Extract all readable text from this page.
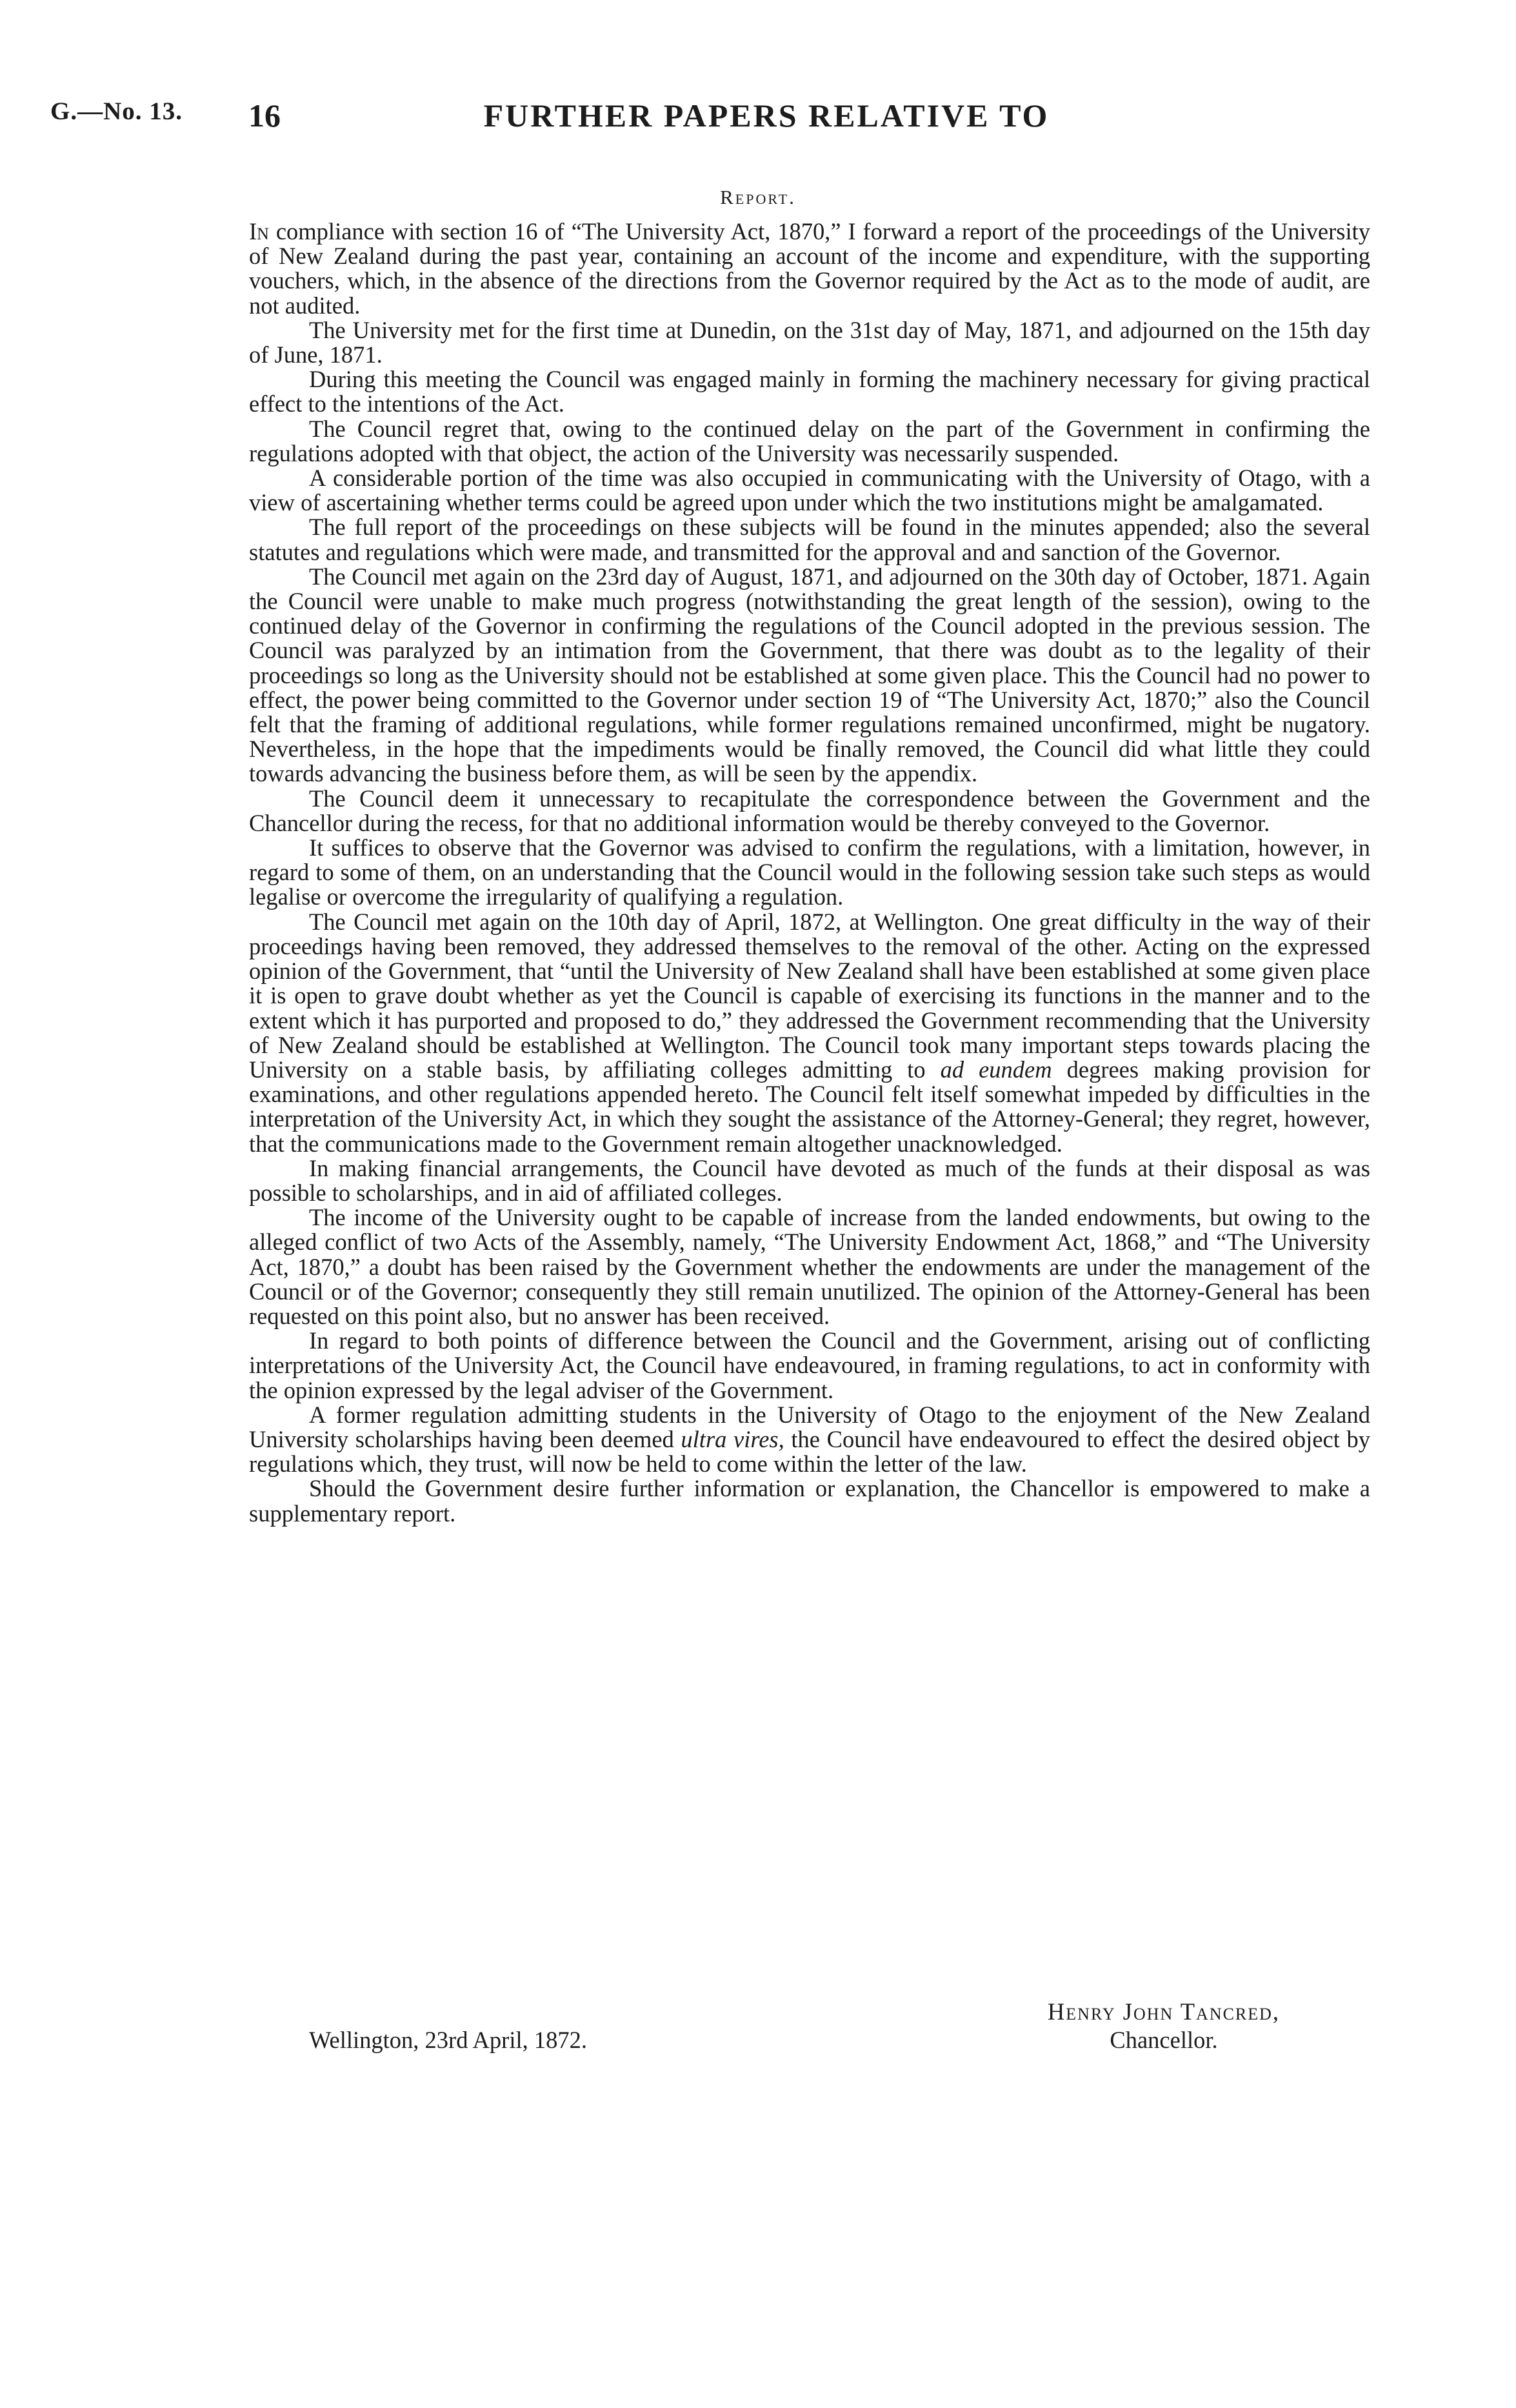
G.—No. 13. 16	FURTHER PAPERS RELATIVE TO
Report.

In compliance with section 16 of “The University Act, 1870,” I forward a report of the proceedings of the University of New Zealand during the past year, containing an account of the income and expenditure, with the supporting vouchers, which, in the absence of the directions from the Governor required by the Act as to the mode of audit, are not audited.

The University met for the first time at Dunedin, on the 31st day of May, 1871, and adjourned on the 15th day of June, 1871.

During this meeting the Council was engaged mainly in forming the machinery necessary for giving practical effect to the intentions of the Act.

The Council regret that, owing to the continued delay on the part of the Government in confirming the regulations adopted with that object, the action of the University was necessarily suspended.

A considerable portion of the time was also occupied in communicating with the University of Otago, with a view of ascertaining whether terms could be agreed upon under which the two institutions might be amalgamated.

The full report of the proceedings on these subjects will be found in the minutes appended; also the several statutes and regulations which were made, and transmitted for the approval and and sanction of the Governor.

The Council met again on the 23rd day of August, 1871, and adjourned on the 30th day of October, 1871. Again the Council were unable to make much progress (notwithstanding the great length of the session), owing to the continued delay of the Governor in confirming the regulations of the Council adopted in the previous session. The Council was paralyzed by an intimation from the Government, that there was doubt as to the legality of their proceedings so long as the University should not be established at some given place. This the Council had no power to effect, the power being committed to the Governor under section 19 of “The University Act, 1870;” also the Council felt that the framing of additional regulations, while former regulations remained unconfirmed, might be nugatory. Nevertheless, in the hope that the impediments would be finally removed, the Council did what little they could towards advancing the business before them, as will be seen by the appendix.

The Council deem it unnecessary to recapitulate the correspondence between the Government and the Chancellor during the recess, for that no additional information would be thereby conveyed to the Governor.

It suffices to observe that the Governor was advised to confirm the regulations, with a limitation, however, in regard to some of them, on an understanding that the Council would in the following session take such steps as would legalise or overcome the irregularity of qualifying a regulation.

The Council met again on the 10th day of April, 1872, at Wellington. One great difficulty in the way of their proceedings having been removed, they addressed themselves to the removal of the other. Acting on the expressed opinion of the Government, that “until the University of New Zealand shall have been established at some given place it is open to grave doubt whether as yet the Council is capable of exercising its functions in the manner and to the extent which it has purported and proposed to do,” they addressed the Government recommending that the University of New Zealand should be established at Wellington. The Council took many important steps towards placing the University on a stable basis, by affiliating colleges admitting to ad eundem degrees making provision for examinations, and other regulations appended hereto. The Council felt itself somewhat impeded by difficulties in the interpretation of the University Act, in which they sought the assistance of the Attorney-General; they regret, however, that the communications made to the Government remain altogether unacknowledged.

In making financial arrangements, the Council have devoted as much of the funds at their disposal as was possible to scholarships, and in aid of affiliated colleges.

The income of the University ought to be capable of increase from the landed endowments, but owing to the alleged conflict of two Acts of the Assembly, namely, “The University Endowment Act, 1868,” and “The University Act, 1870,” a doubt has been raised by the Government whether the endowments are under the management of the Council or of the Governor; consequently they still remain unutilized. The opinion of the Attorney-General has been requested on this point also, but no answer has been received.

In regard to both points of difference between the Council and the Government, arising out of conflicting interpretations of the University Act, the Council have endeavoured, in framing regulations, to act in conformity with the opinion expressed by the legal adviser of the Government.

A former regulation admitting students in the University of Otago to the enjoyment of the New Zealand University scholarships having been deemed ultra vires, the Council have endeavoured to effect the desired object by regulations which, they trust, will now be held to come within the letter of the law.

Should the Government desire further information or explanation, the Chancellor is empowered to make a supplementary report.

Henry John Tancred,
Chancellor.
Wellington, 23rd April, 1872.
